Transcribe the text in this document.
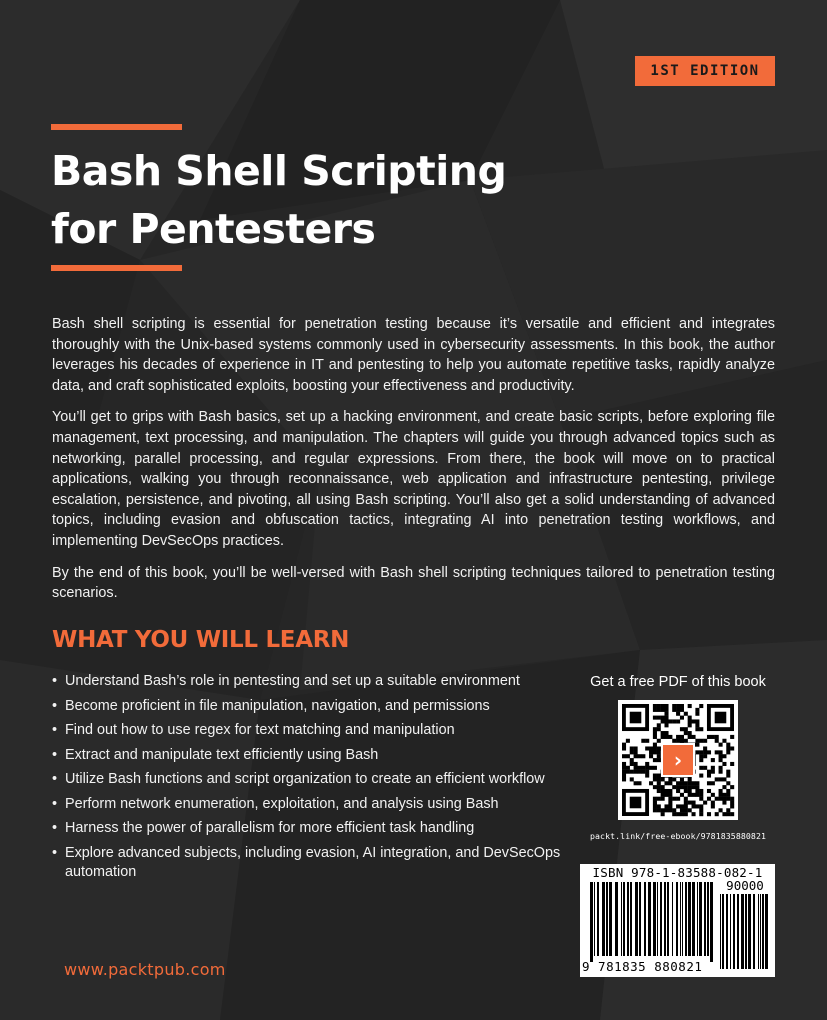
1ST EDITION
Bash Shell Scripting
for Pentesters

Bash shell scripting is essential for penetration testing because it’s versatile and efficient and integrates thoroughly with the Unix-based systems commonly used in cybersecurity assessments. In this book, the author leverages his decades of experience in IT and pentesting to help you automate repetitive tasks, rapidly analyze data, and craft sophisticated exploits, boosting your effectiveness and productivity.

You’ll get to grips with Bash basics, set up a hacking environment, and create basic scripts, before exploring file management, text processing, and manipulation. The chapters will guide you through advanced topics such as networking, parallel processing, and regular expressions. From there, the book will move on to practical applications, walking you through reconnaissance, web application and infrastructure pentesting, privilege escalation, persistence, and pivoting, all using Bash scripting. You’ll also get a solid understanding of advanced topics, including evasion and obfuscation tactics, integrating AI into penetration testing workflows, and implementing DevSecOps practices.

By the end of this book, you’ll be well-versed with Bash shell scripting techniques tailored to penetration testing scenarios.

WHAT YOU WILL LEARN
• Understand Bash’s role in pentesting and set up a suitable environment
• Become proficient in file manipulation, navigation, and permissions
• Find out how to use regex for text matching and manipulation
• Extract and manipulate text efficiently using Bash
• Utilize Bash functions and script organization to create an efficient workflow
• Perform network enumeration, exploitation, and analysis using Bash
• Harness the power of parallelism for more efficient task handling
• Explore advanced subjects, including evasion, AI integration, and DevSecOps automation
www.packtpub.com
Get a free PDF of this book
›
packt.link/free-ebook/9781835880821
ISBN 978-1-83588-082-1
90000
9 781835 880821
